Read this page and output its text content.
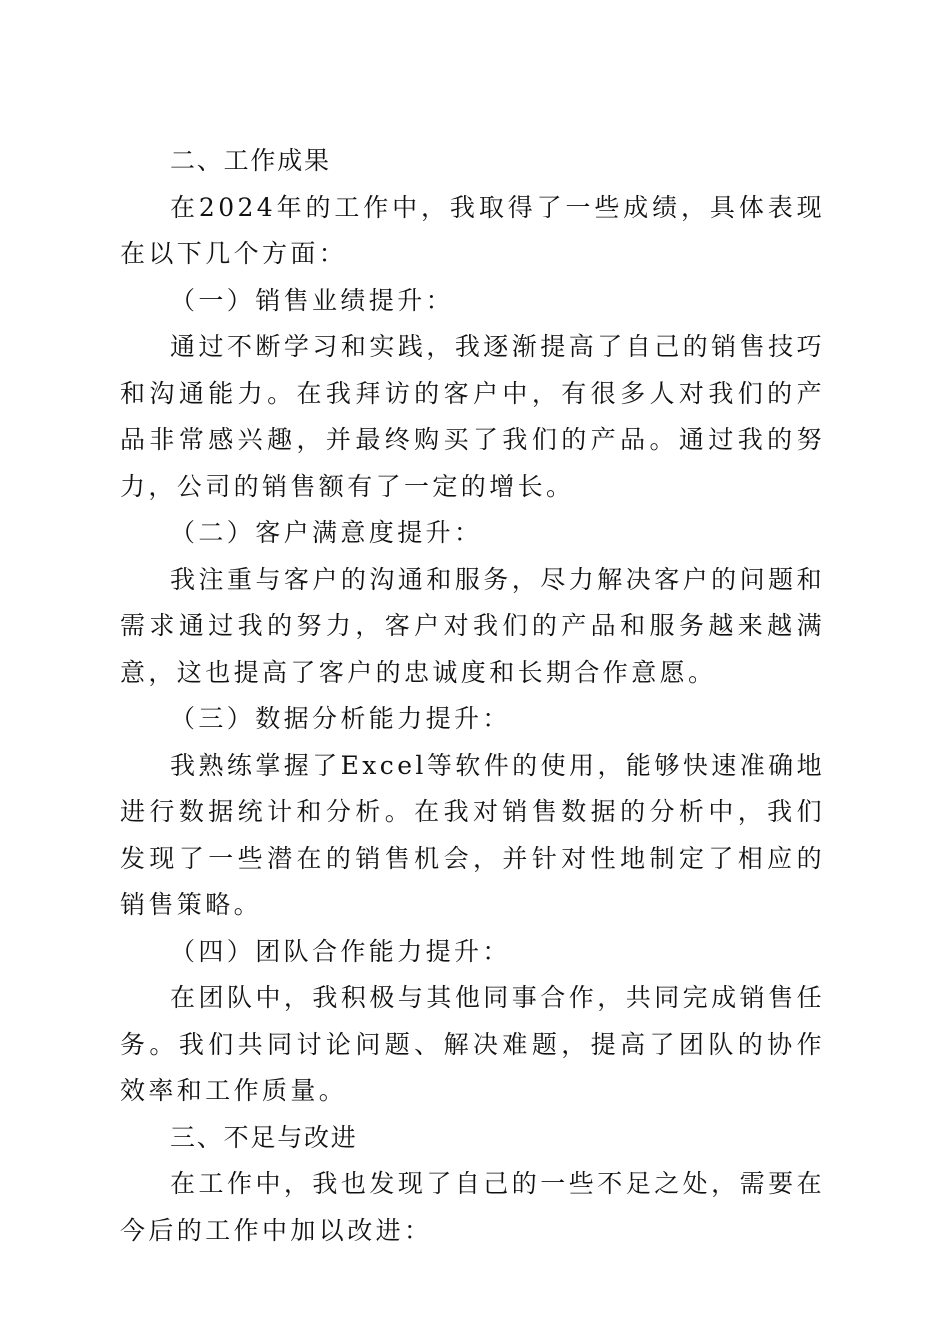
二、工作成果

在2024年的工作中，我取得了一些成绩，具体表现在以下几个方面：

（一）销售业绩提升：

通过不断学习和实践，我逐渐提高了自己的销售技巧和沟通能力。在我拜访的客户中，有很多人对我们的产品非常感兴趣，并最终购买了我们的产品。通过我的努力，公司的销售额有了一定的增长。

（二）客户满意度提升：

我注重与客户的沟通和服务，尽力解决客户的问题和需求通过我的努力，客户对我们的产品和服务越来越满意，这也提高了客户的忠诚度和长期合作意愿。

（三）数据分析能力提升：

我熟练掌握了Excel等软件的使用，能够快速准确地进行数据统计和分析。在我对销售数据的分析中，我们发现了一些潜在的销售机会，并针对性地制定了相应的销售策略。

（四）团队合作能力提升：

在团队中，我积极与其他同事合作，共同完成销售任务。我们共同讨论问题、解决难题，提高了团队的协作效率和工作质量。

三、不足与改进

在工作中，我也发现了自己的一些不足之处，需要在今后的工作中加以改进：
